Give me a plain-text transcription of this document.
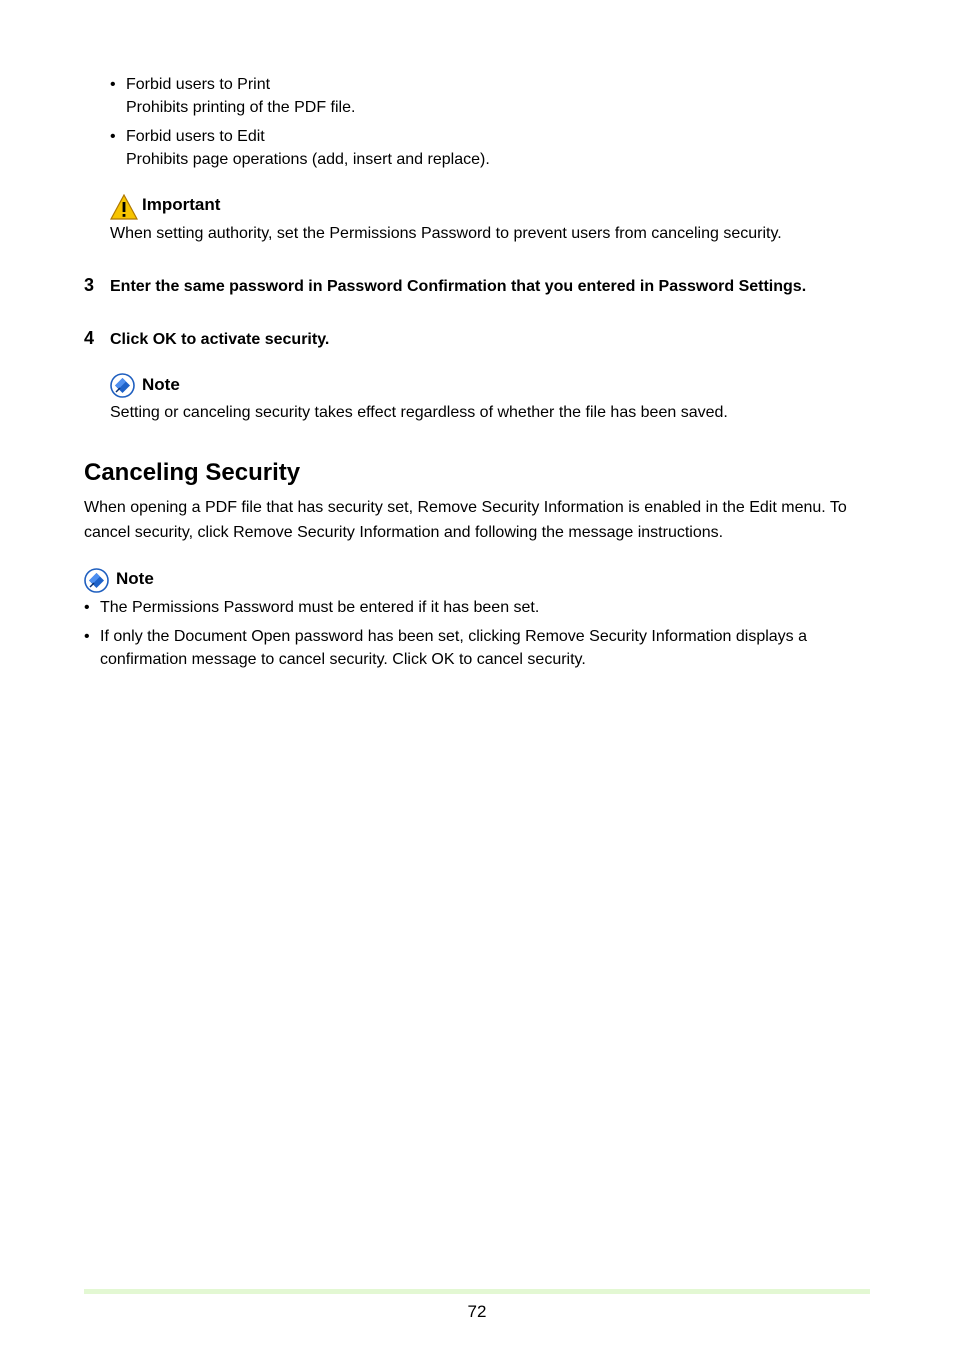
• Forbid users to Print
Prohibits printing of the PDF file.
• Forbid users to Edit
Prohibits page operations (add, insert and replace).
Important
When setting authority, set the Permissions Password to prevent users from canceling security.
3 Enter the same password in Password Confirmation that you entered in Password Settings.
4 Click OK to activate security.
Note
Setting or canceling security takes effect regardless of whether the file has been saved.
Canceling Security
When opening a PDF file that has security set, Remove Security Information is enabled in the Edit menu. To
cancel security, click Remove Security Information and following the message instructions.
Note
• The Permissions Password must be entered if it has been set.
• If only the Document Open password has been set, clicking Remove Security Information displays a
confirmation message to cancel security. Click OK to cancel security.
72
